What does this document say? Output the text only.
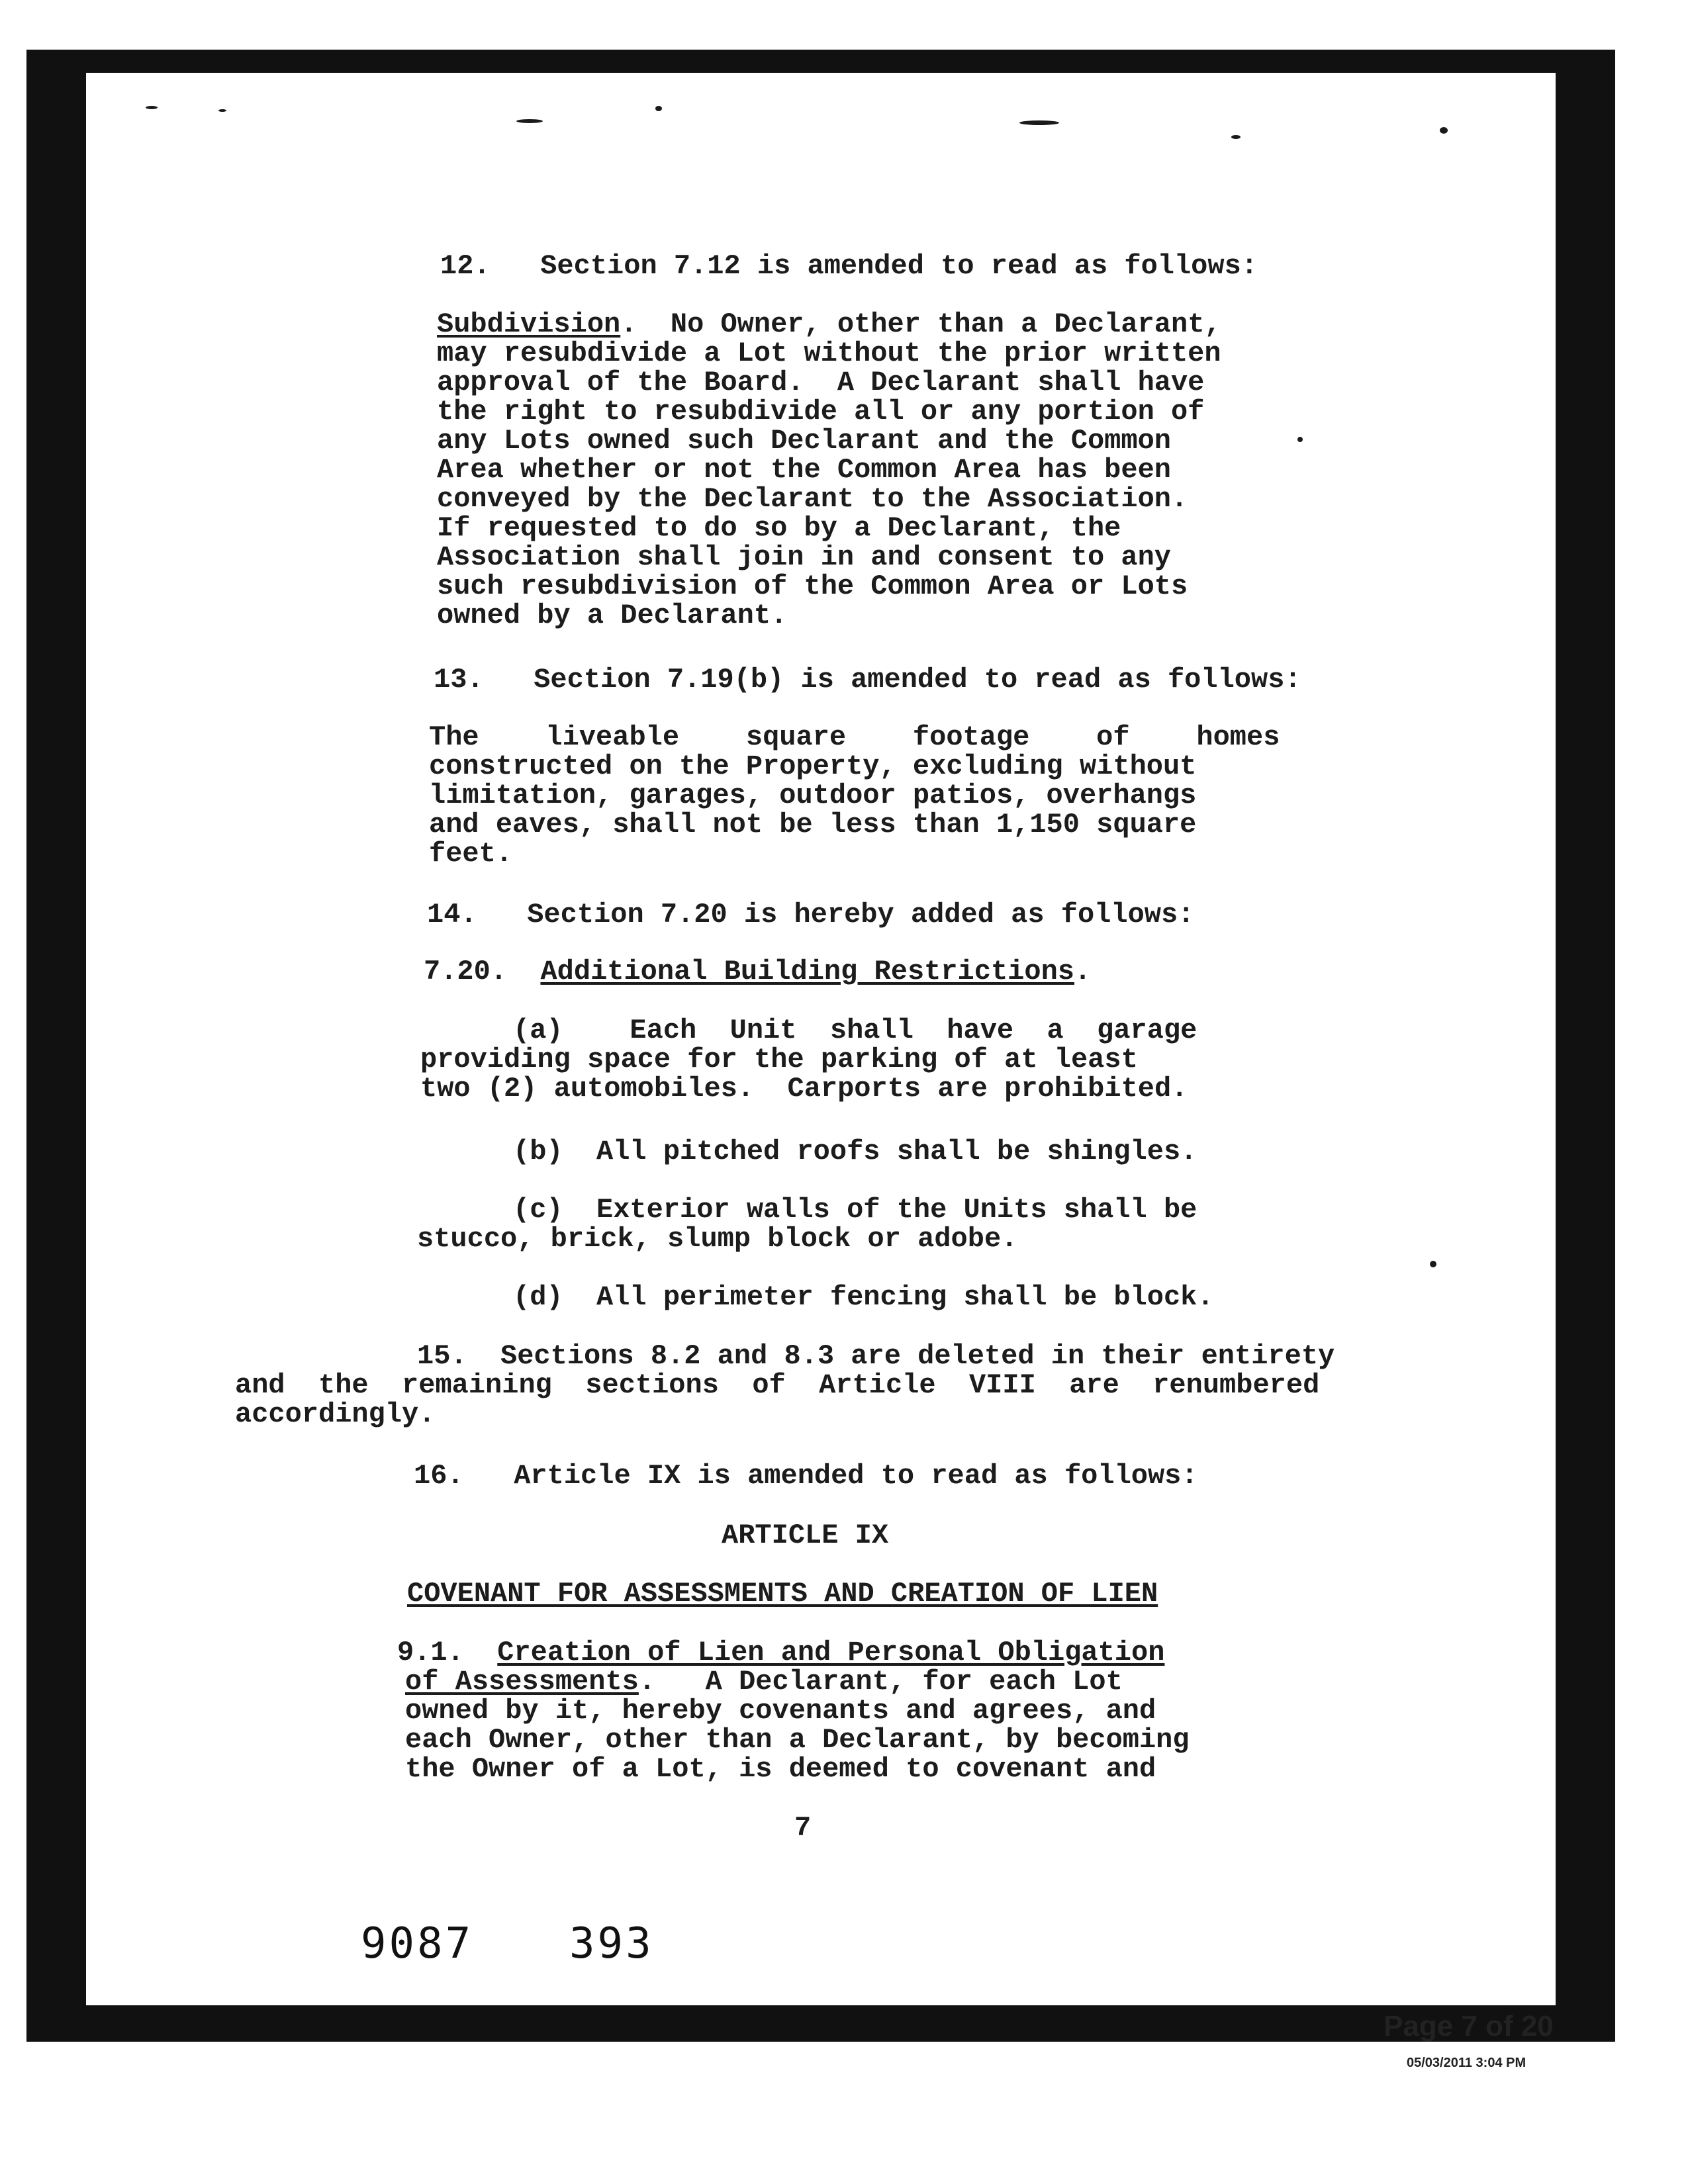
12.   Section 7.12 is amended to read as follows:
Subdivision.  No Owner, other than a Declarant,
may resubdivide a Lot without the prior written
approval of the Board.  A Declarant shall have
the right to resubdivide all or any portion of
any Lots owned such Declarant and the Common
Area whether or not the Common Area has been
conveyed by the Declarant to the Association.
If requested to do so by a Declarant, the
Association shall join in and consent to any
such resubdivision of the Common Area or Lots
owned by a Declarant.
13.   Section 7.19(b) is amended to read as follows:
The    liveable    square    footage    of    homes
constructed on the Property, excluding without
limitation, garages, outdoor patios, overhangs
and eaves, shall not be less than 1,150 square
feet.
14.   Section 7.20 is hereby added as follows:
7.20. Additional Building Restrictions.
(a)    Each  Unit  shall  have  a  garage
providing space for the parking of at least
two (2) automobiles.  Carports are prohibited.
(b)  All pitched roofs shall be shingles.
(c)  Exterior walls of the Units shall be
stucco, brick, slump block or adobe.
(d)  All perimeter fencing shall be block.
15.  Sections 8.2 and 8.3 are deleted in their entirety
and  the  remaining  sections  of  Article  VIII  are  renumbered
accordingly.
16.   Article IX is amended to read as follows:
ARTICLE IX
COVENANT FOR ASSESSMENTS AND CREATION OF LIEN
9.1. Creation of Lien and Personal Obligation
of Assessments.   A Declarant, for each Lot
owned by it, hereby covenants and agrees, and
each Owner, other than a Declarant, by becoming
the Owner of a Lot, is deemed to covenant and
7
9087 393
Page 7 of 20
05/03/2011 3:04 PM
